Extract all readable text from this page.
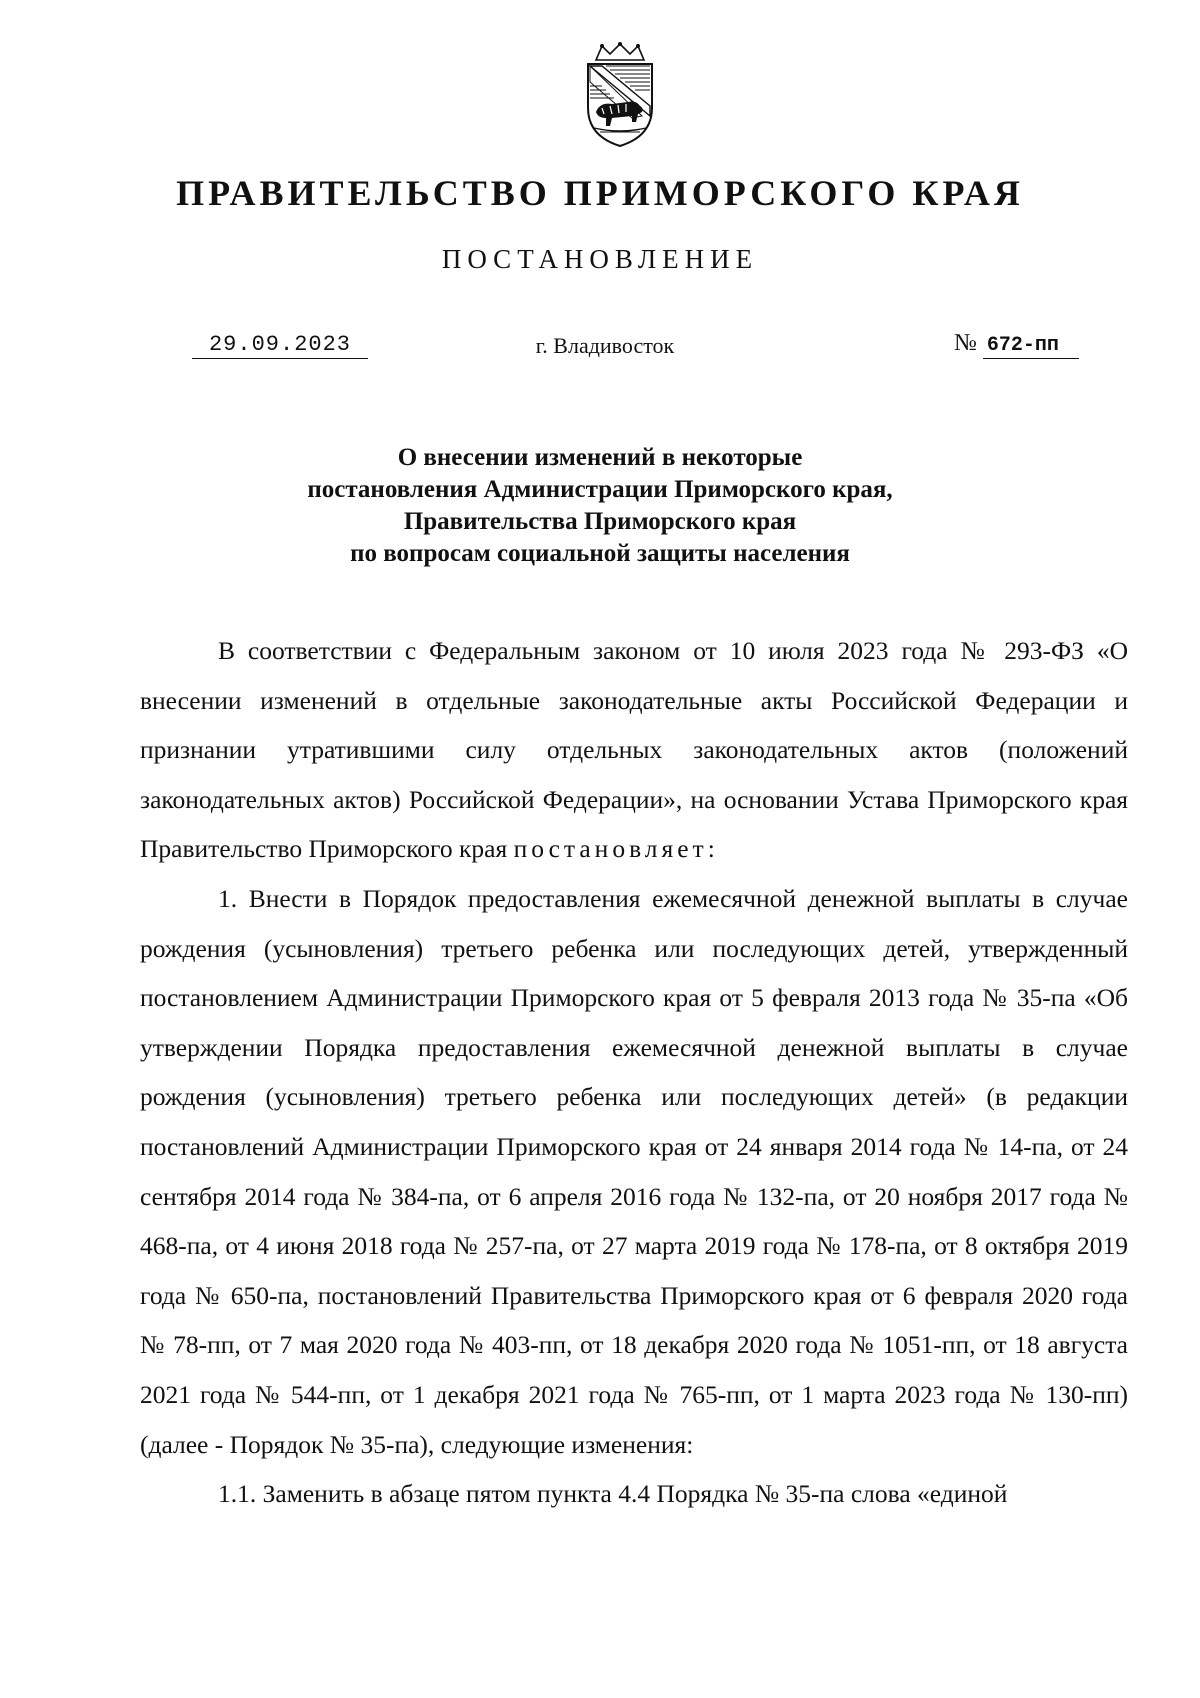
ПРАВИТЕЛЬСТВО ПРИМОРСКОГО КРАЯ
ПОСТАНОВЛЕНИЕ
29.09.2023	г. Владивосток	№ 672-пп
О внесении изменений в некоторые
постановления Администрации Приморского края,
Правительства Приморского края
по вопросам социальной защиты населения

В соответствии с Федеральным законом от 10 июля 2023 года № 293-ФЗ «О внесении изменений в отдельные законодательные акты Российской Федерации и признании утратившими силу отдельных законодательных актов (положений законодательных актов) Российской Федерации», на основании Устава Приморского края Правительство Приморского края постановляет:

1. Внести в Порядок предоставления ежемесячной денежной выплаты в случае рождения (усыновления) третьего ребенка или последующих детей, утвержденный постановлением Администрации Приморского края от 5 февраля 2013 года № 35-па «Об утверждении Порядка предоставления ежемесячной денежной выплаты в случае рождения (усыновления) третьего ребенка или последующих детей» (в редакции постановлений Администрации Приморского края от 24 января 2014 года № 14-па, от 24 сентября 2014 года № 384-па, от 6 апреля 2016 года № 132-па, от 20 ноября 2017 года № 468-па, от 4 июня 2018 года № 257-па, от 27 марта 2019 года № 178-па, от 8 октября 2019 года № 650-па, постановлений Правительства Приморского края от 6 февраля 2020 года № 78-пп, от 7 мая 2020 года № 403-пп, от 18 декабря 2020 года № 1051-пп, от 18 августа 2021 года № 544-пп, от 1 декабря 2021 года № 765-пп, от 1 марта 2023 года № 130-пп) (далее - Порядок № 35-па), следующие изменения:

1.1. Заменить в абзаце пятом пункта 4.4 Порядка № 35-па слова «единой
